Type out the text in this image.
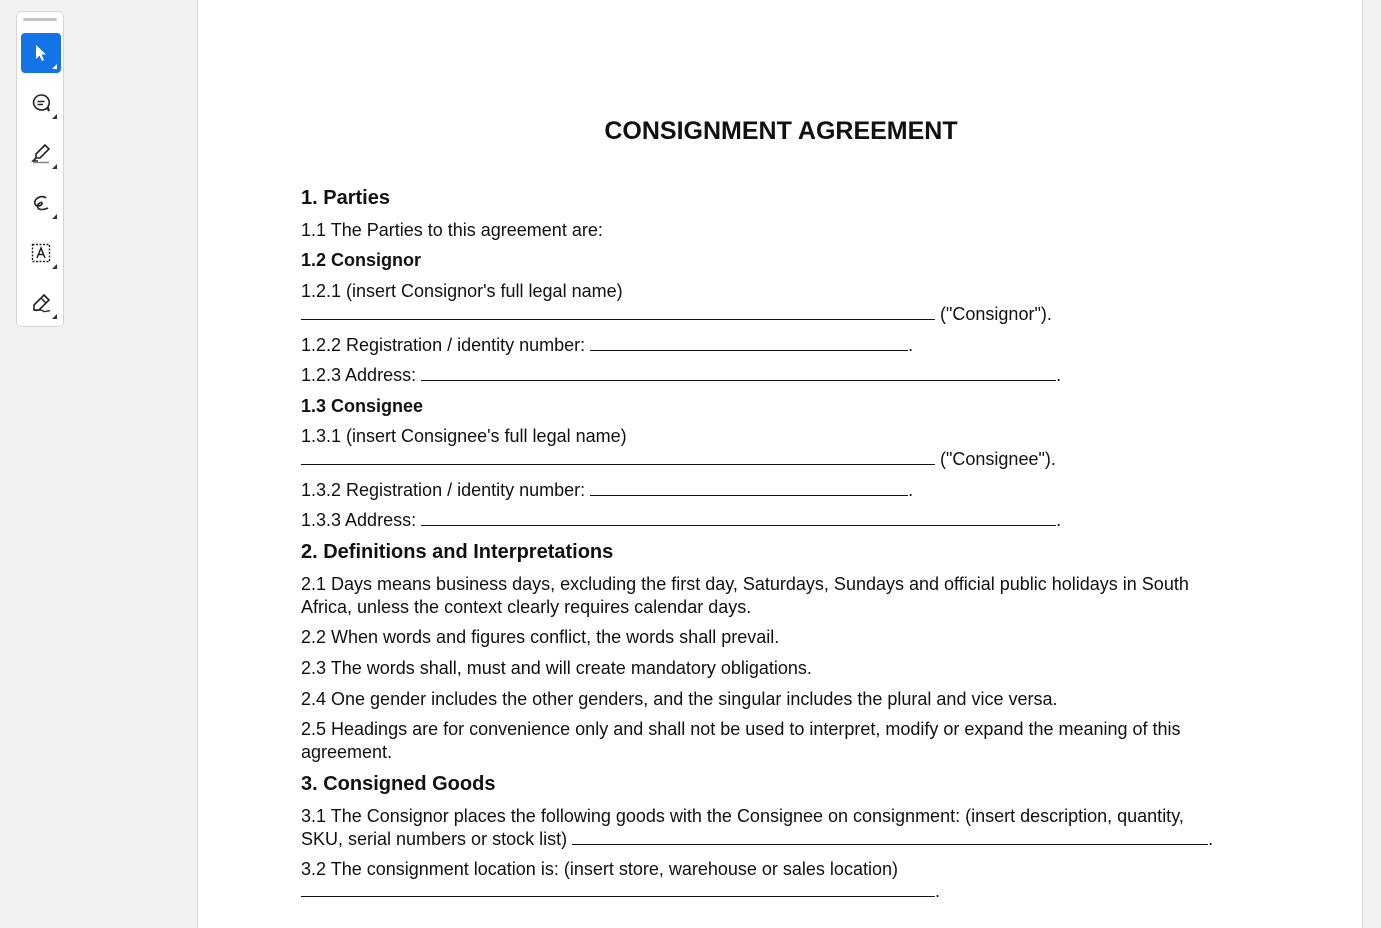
CONSIGNMENT AGREEMENT
1. Parties
1.1 The Parties to this agreement are:
1.2 Consignor
1.2.1 (insert Consignor's full legal name)
("Consignor").
1.2.2 Registration / identity number:	.
1.2.3 Address:	.
1.3 Consignee
1.3.1 (insert Consignee's full legal name)
("Consignee").
1.3.2 Registration / identity number:	.
1.3.3 Address:	.
2. Definitions and Interpretations
2.1 Days means business days, excluding the first day, Saturdays, Sundays and official public holidays in South
Africa, unless the context clearly requires calendar days.
2.2 When words and figures conflict, the words shall prevail.
2.3 The words shall, must and will create mandatory obligations.
2.4 One gender includes the other genders, and the singular includes the plural and vice versa.
2.5 Headings are for convenience only and shall not be used to interpret, modify or expand the meaning of this
agreement.
3. Consigned Goods
3.1 The Consignor places the following goods with the Consignee on consignment: (insert description, quantity,
SKU, serial numbers or stock list)	.
3.2 The consignment location is: (insert store, warehouse or sales location)
.
